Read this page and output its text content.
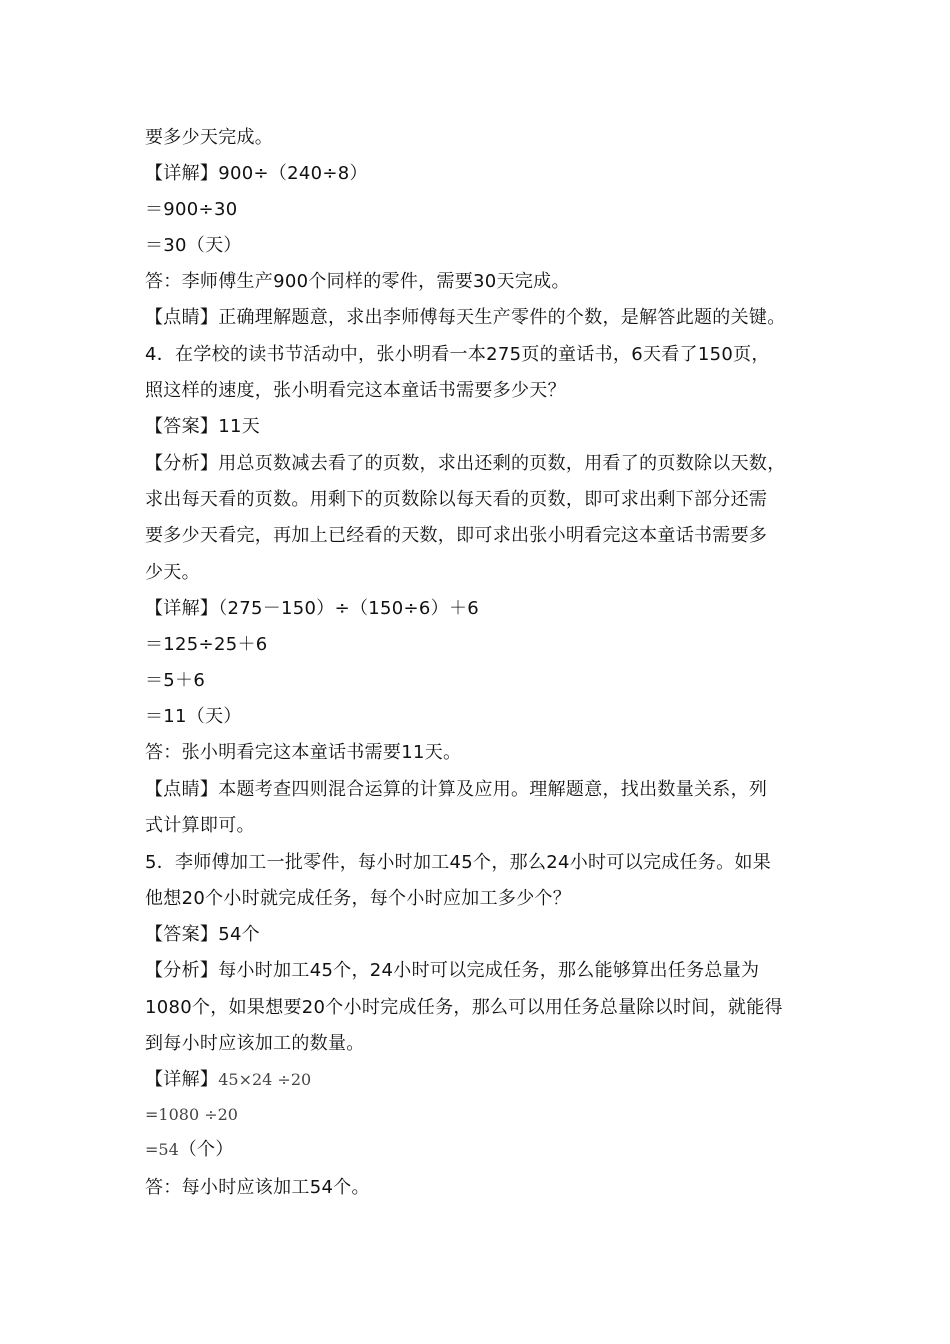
要多少天完成。
【详解】900÷（240÷8）
＝900÷30
＝30（天）
答：李师傅生产900个同样的零件，需要30天完成。
【点睛】正确理解题意，求出李师傅每天生产零件的个数，是解答此题的关键。
4．在学校的读书节活动中，张小明看一本275页的童话书，6天看了150页，
照这样的速度，张小明看完这本童话书需要多少天？
【答案】11天
【分析】用总页数减去看了的页数，求出还剩的页数，用看了的页数除以天数，
求出每天看的页数。用剩下的页数除以每天看的页数，即可求出剩下部分还需
要多少天看完，再加上已经看的天数，即可求出张小明看完这本童话书需要多
少天。
【详解】（275－150）÷（150÷6）＋6
＝125÷25＋6
＝5＋6
＝11（天）
答：张小明看完这本童话书需要11天。
【点睛】本题考查四则混合运算的计算及应用。理解题意，找出数量关系，列
式计算即可。
5．李师傅加工一批零件，每小时加工45个，那么24小时可以完成任务。如果
他想20个小时就完成任务，每个小时应加工多少个？
【答案】54个
【分析】每小时加工45个，24小时可以完成任务，那么能够算出任务总量为
1080个，如果想要20个小时完成任务，那么可以用任务总量除以时间，就能得
到每小时应该加工的数量。
【详解】45×24 ÷20
=1080 ÷20
=54（个）
答：每小时应该加工54个。
